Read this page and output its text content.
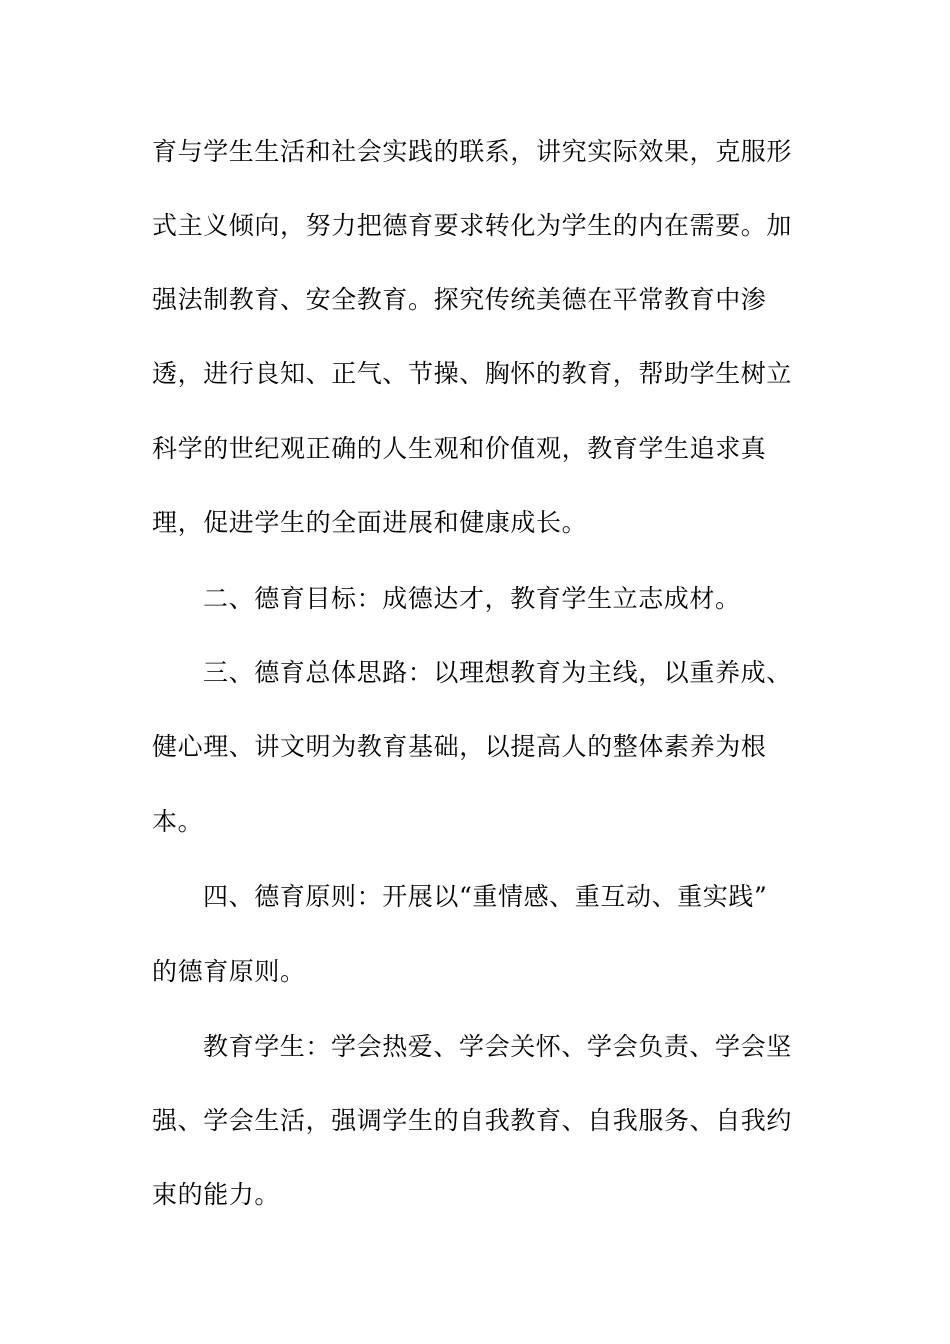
育与学生生活和社会实践的联系，讲究实际效果，克服形
式主义倾向，努力把德育要求转化为学生的内在需要。加
强法制教育、安全教育。探究传统美德在平常教育中渗
透，进行良知、正气、节操、胸怀的教育，帮助学生树立
科学的世纪观正确的人生观和价值观，教育学生追求真
理，促进学生的全面进展和健康成长。
二、德育目标：成德达才，教育学生立志成材。
三、德育总体思路：以理想教育为主线，以重养成、
健心理、讲文明为教育基础，以提高人的整体素养为根
本。
四、德育原则：开展以“重情感、重互动、重实践”
的德育原则。
教育学生：学会热爱、学会关怀、学会负责、学会坚
强、学会生活，强调学生的自我教育、自我服务、自我约
束的能力。
